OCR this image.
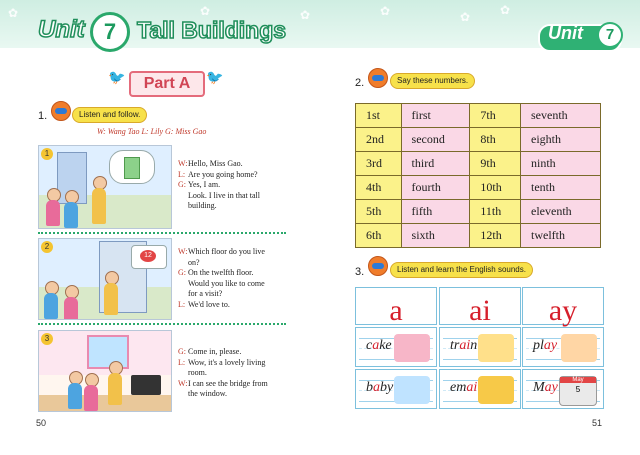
✿	✿	✿	✿	✿ ✿
Unit 7 Tall Buildings	Unit	7
🐦	Part A	🐦
1.	Listen and follow.
W: Wang Tao L: Lily G: Miss Gao
1
W:Hello, Miss Gao.
L: Are you going home?
G: Yes, I am.
Look. I live in that tall
building.
12
2
W:Which floor do you live
on?
G: On the twelfth floor.
Would you like to come
for a visit?
L: We'd love to.
3
G: Come in, please.
L: Wow, it's a lovely living
room.
W:I can see the bridge from
the window.
50
2.	Say these numbers.
1st	first	7th	seventh
2nd	second	8th	eighth
3rd	third	9th	ninth
4th	fourth	10th	tenth
5th	fifth	11th	eleventh
6th	sixth	12th	twelfth
3.	Listen and learn the English sounds.
a
cake
baby
ai
train
emai
ay
play
May	May
5
51
